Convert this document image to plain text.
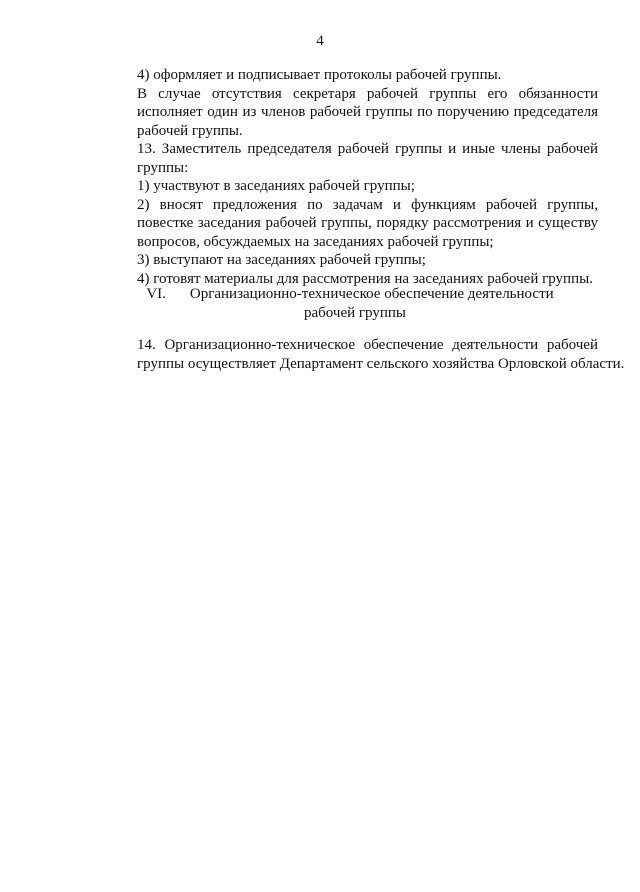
4
4) оформляет и подписывает протоколы рабочей группы.
В случае отсутствия секретаря рабочей группы его обязанности
исполняет один из членов рабочей группы по поручению председателя
рабочей группы.
13. Заместитель председателя рабочей группы и иные члены рабочей
группы:
1) участвуют в заседаниях рабочей группы;
2) вносят предложения по задачам и функциям рабочей группы,
повестке заседания рабочей группы, порядку рассмотрения и существу
вопросов, обсуждаемых на заседаниях рабочей группы;
3) выступают на заседаниях рабочей группы;
4) готовят материалы для рассмотрения на заседаниях рабочей группы.
VI. Организационно-техническое обеспечение деятельности
рабочей группы
14. Организационно-техническое обеспечение деятельности рабочей
группы осуществляет Департамент сельского хозяйства Орловской области.
